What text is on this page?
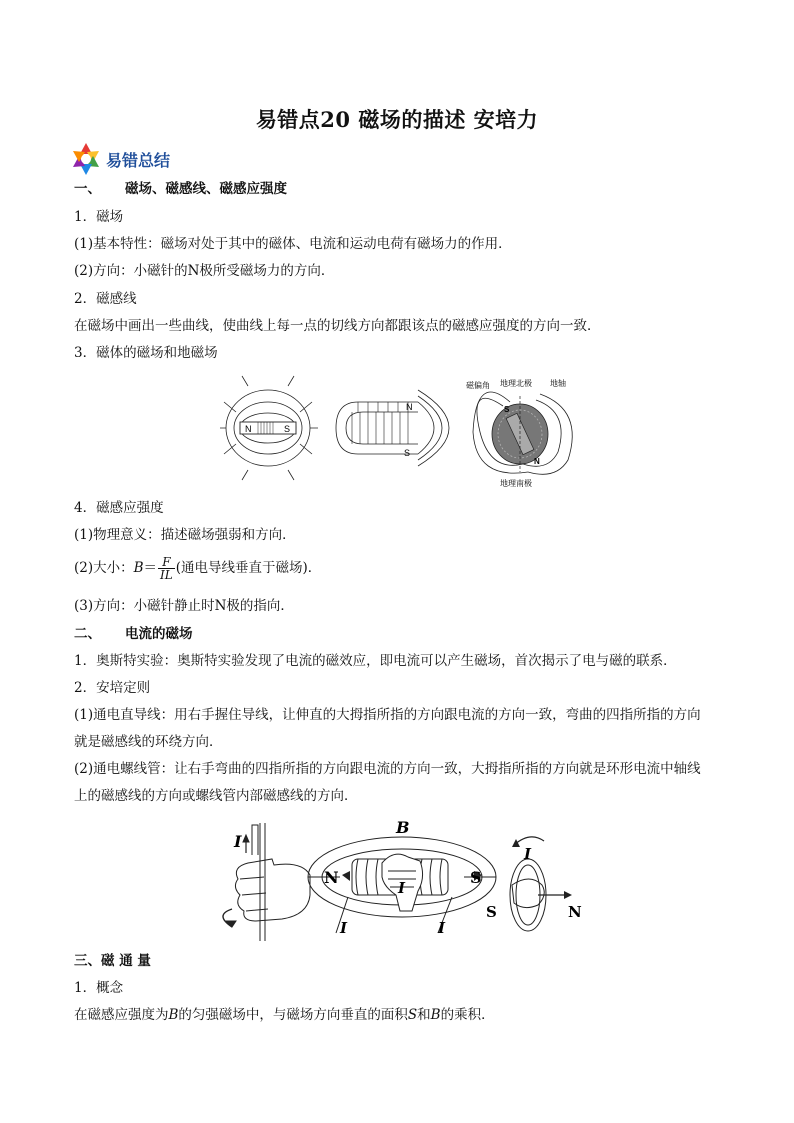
易错点20 磁场的描述 安培力
易错总结
一、 磁场、磁感线、磁感应强度
1．磁场
(1)基本特性：磁场对处于其中的磁体、电流和运动电荷有磁场力的作用．
(2)方向：小磁针的N极所受磁场力的方向．
2．磁感线
在磁场中画出一些曲线，使曲线上每一点的切线方向都跟该点的磁感应强度的方向一致．
3．磁体的磁场和地磁场
N	S
N
S
磁偏角 地理北极 地轴
S
N
地理南极
4．磁感应强度
(1)物理意义：描述磁场强弱和方向．
(2)大小：$B= \frac{F}{IL}$ (通电导线垂直于磁场)．
(3)方向：小磁针静止时N极的指向．
二、 电流的磁场
1．奥斯特实验：奥斯特实验发现了电流的磁效应，即电流可以产生磁场，首次揭示了电与磁的联系．
2．安培定则
(1)通电直导线：用右手握住导线，让伸直的大拇指所指的方向跟电流的方向一致，弯曲的四指所指的方向
就是磁感线的环绕方向．
(2)通电螺线管：让右手弯曲的四指所指的方向跟电流的方向一致，大拇指所指的方向就是环形电流中轴线
上的磁感线的方向或螺线管内部磁感线的方向．
I
B
N	S
I
I	I
I
S	N
三、磁 通 量
1．概念
在磁感应强度为B的匀强磁场中，与磁场方向垂直的面积S和B的乘积．
